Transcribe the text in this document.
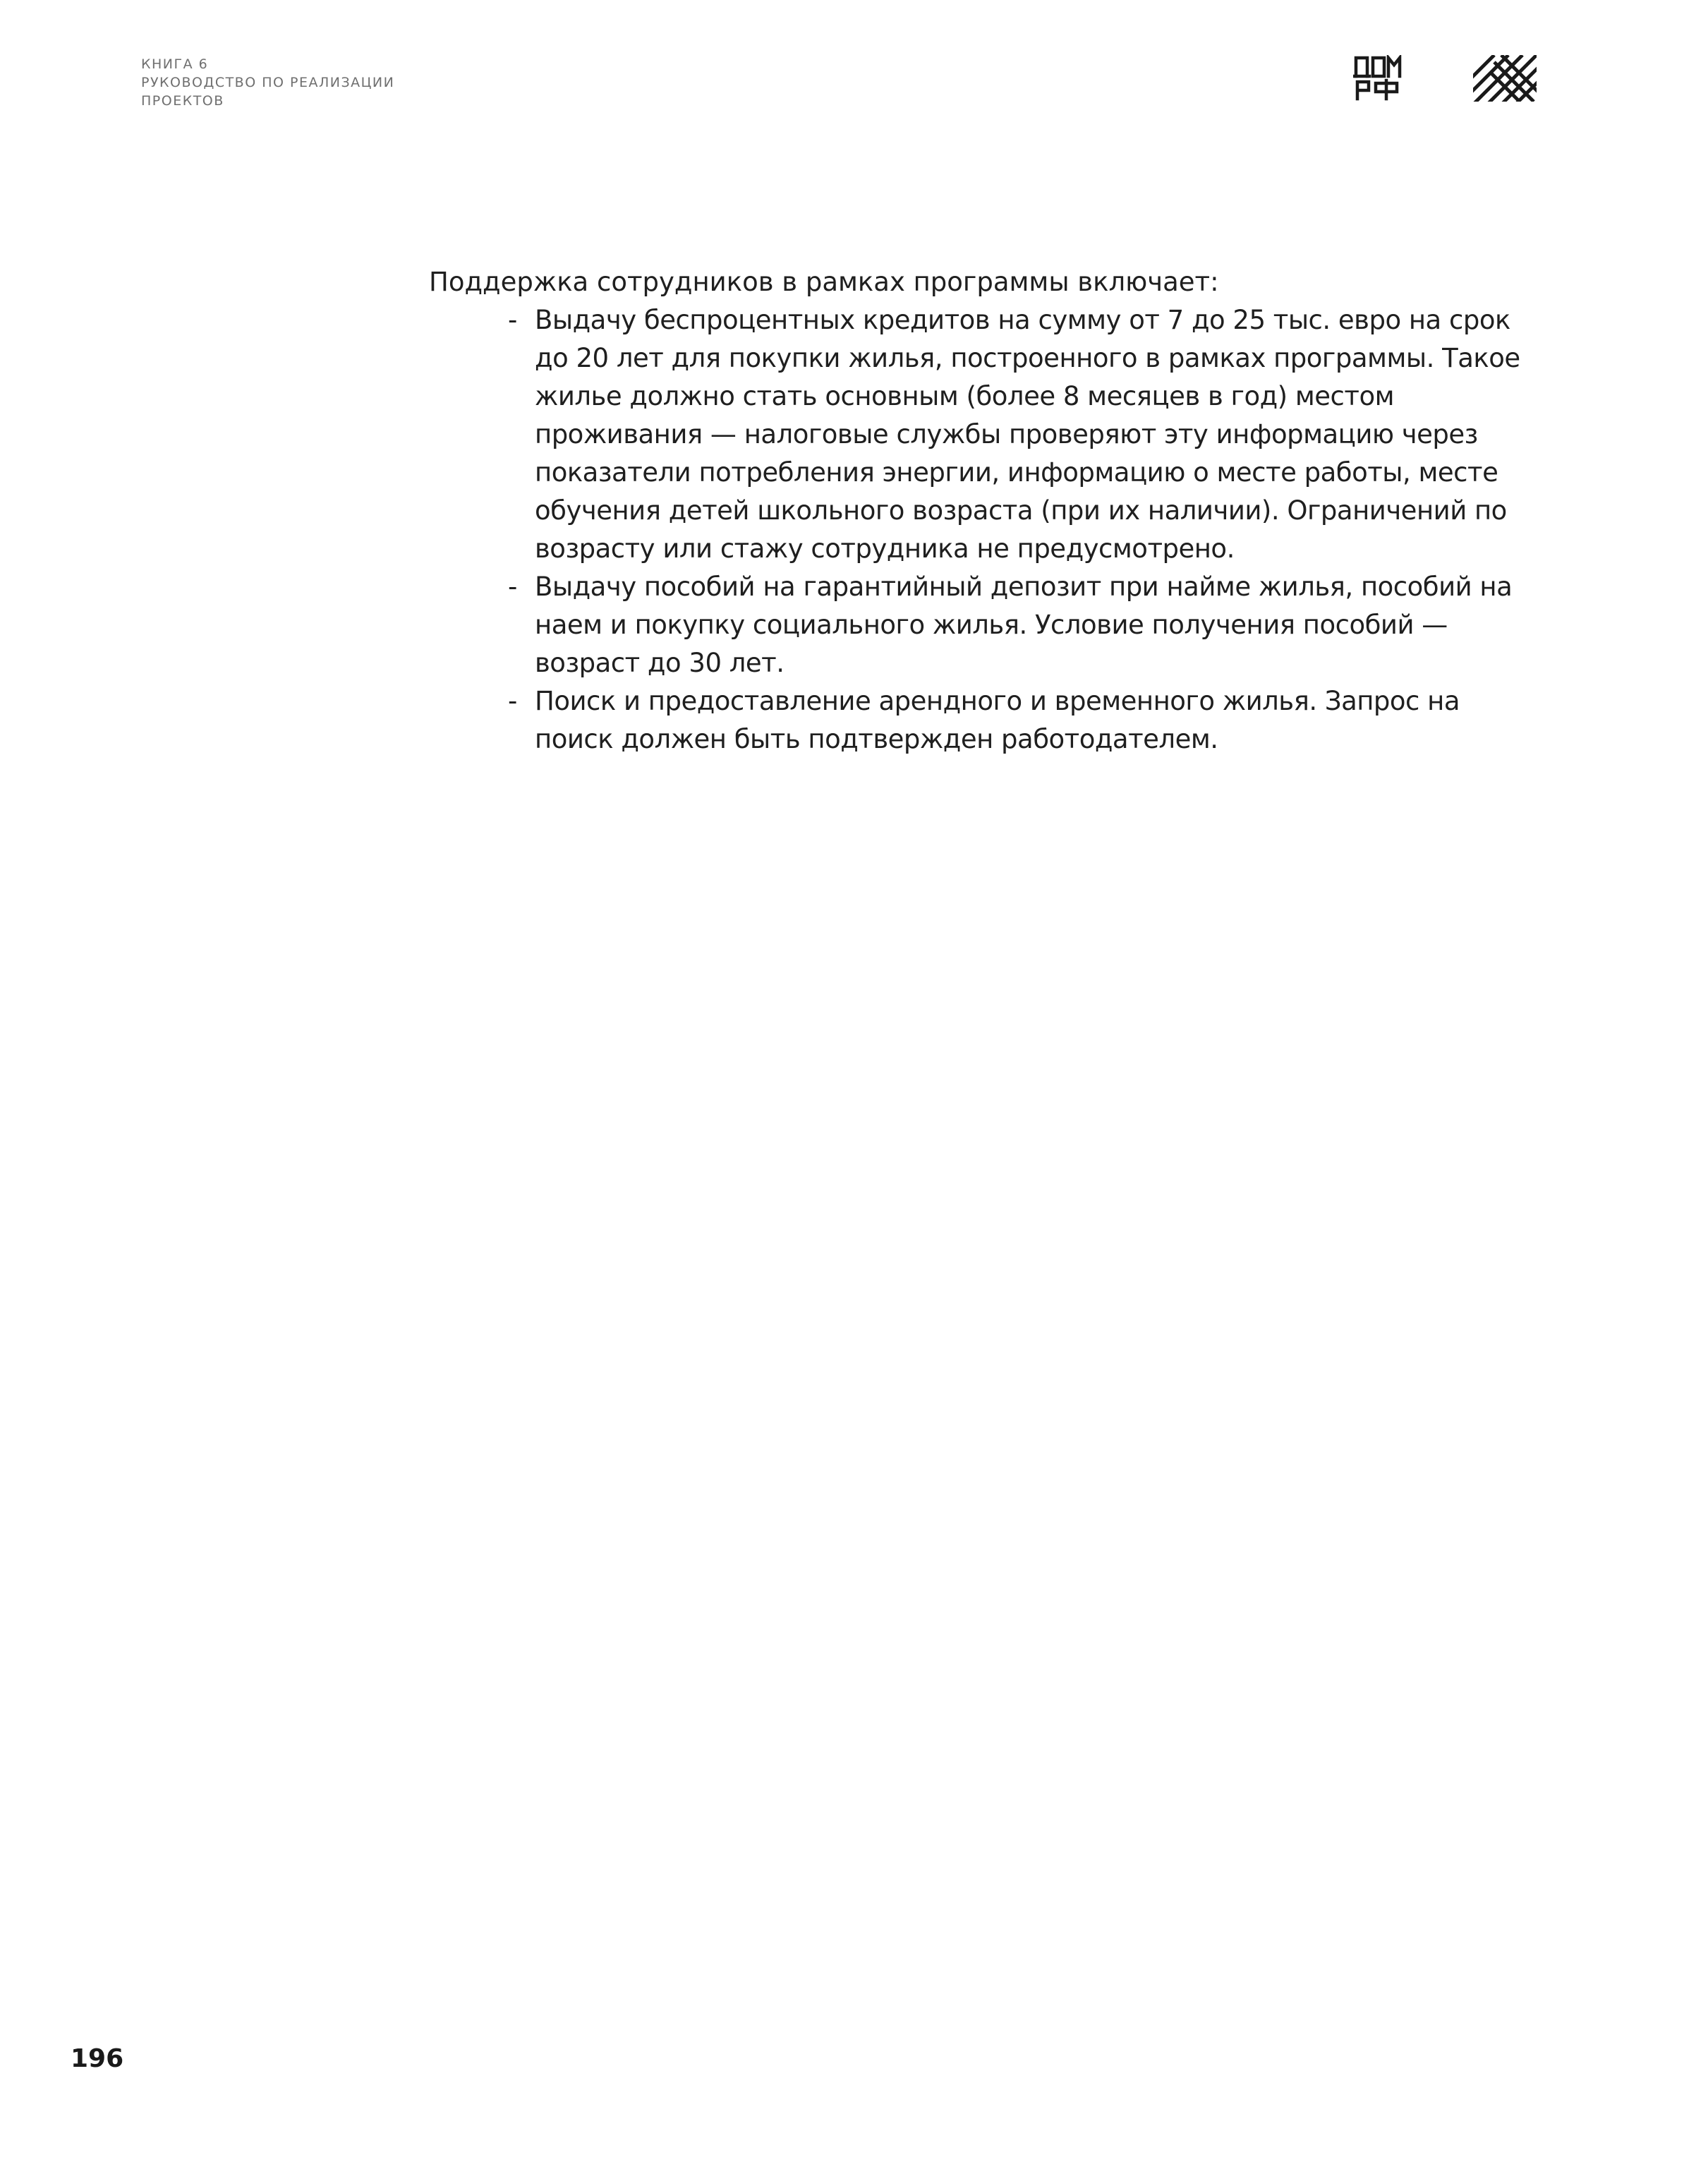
КНИГА 6
РУКОВОДСТВО ПО РЕАЛИЗАЦИИ
ПРОЕКТОВ

Поддержка сотрудников в рамках программы включает:

- Выдачу беспроцентных кредитов на сумму от 7 до 25 тыс. евро на срок до 20 лет для покупки жилья, построенного в рамках программы. Такое жилье должно стать основным (более 8 месяцев в год) местом проживания — налоговые службы проверяют эту информацию через показатели потребления энергии, информацию о месте работы, месте обучения детей школьного возраста (при их наличии). Ограничений по возрасту или стажу сотрудника не предусмотрено.
- Выдачу пособий на гарантийный депозит при найме жилья, пособий на наем и покупку социального жилья. Условие получения пособий — возраст до 30 лет.
- Поиск и предоставление арендного и временного жилья. Запрос на поиск должен быть подтвержден работодателем.
196
